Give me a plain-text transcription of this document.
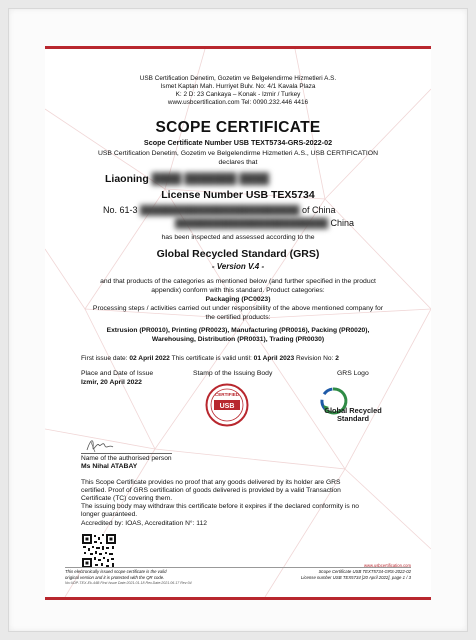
USB Certification Denetim, Gozetim ve Belgelendirme Hizmetleri A.S.
Ismet Kaptan Mah. Hurriyet Bulv. No: 4/1 Kavala Plaza
K: 2 D: 23 Cankaya – Konak - Izmir / Turkey
www.usbcertification.com Tel: 0090.232.446 4416
SCOPE CERTIFICATE
Scope Certificate Number USB TEXT5734-GRS-2022-02
USB Certification Denetim, Gozetim ve Belgelendirme Hizmetleri A.S., USB CERTIFICATION
declares that
Liaoning ████ ███████ ████
License Number USB TEX5734
No. 61-3 █████████████████████████ of China
████████████████████████ China
has been inspected and assessed according to the
Global Recycled Standard (GRS)
- Version V.4 -
and that products of the categories as mentioned below (and further specified in the product
appendix) conform with this standard. Product categories:
Packaging (PC0023)
Processing steps / activities carried out under responsibility of the above mentioned company for
the certified products:
Extrusion (PR0010), Printing (PR0023), Manufacturing (PR0016), Packing (PR0020),
Warehousing, Distribution (PR0031), Trading (PR0030)
First issue date: 02 April 2022 This certificate is valid until: 01 April 2023 Revision No: 2
Place and Date of Issue
Izmir, 20 April 2022
Stamp of the Issuing Body	GRS Logo
USB
CERTIFIED
Global Recycled
Standard
Name of the authorised person
Ms Nihal ATABAY
This Scope Certificate provides no proof that any goods delivered by its holder are GRS
certified. Proof of GRS certification of goods delivered is provided by a valid Transaction
Certificate (TC) covering them.
The issuing body may withdraw this certificate before it expires if the declared conformity is no
longer guaranteed.
Accredited by: IOAS, Accreditation N°: 112
This electronically issued scope certificate is the valid
original version and it is protected with the QR code.
No:UDP-TEX-Ek-44B First Issue Date:2021.01.18 Rev.Date:2021.06.17 Rev:04
www.usbcertification.com
Scope Certificate USB TEXT5734-GRS-2022-02
License number USB TEX5734 [20 April 2022], page 1 / 3
